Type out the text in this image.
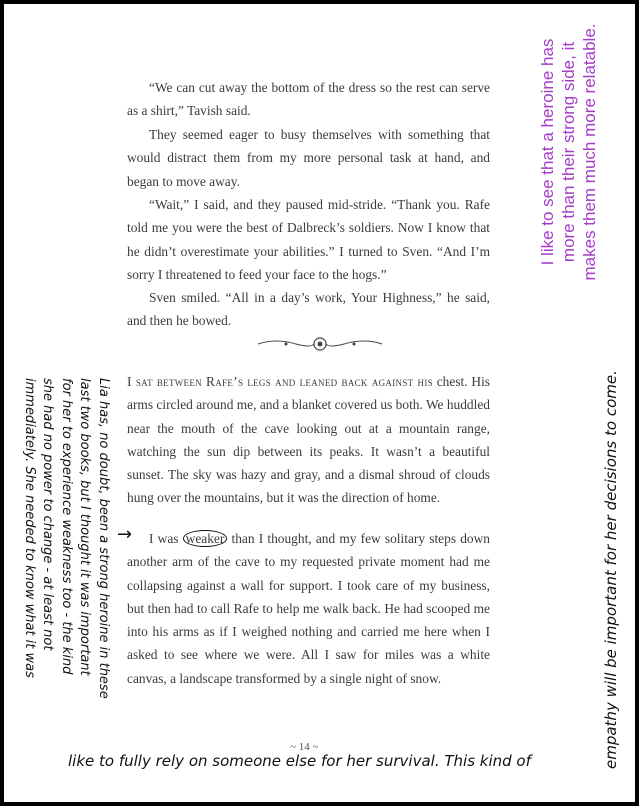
“We can cut away the bottom of the dress so the rest can serve as a shirt,” Tavish said.

They seemed eager to busy themselves with something that would distract them from my more personal task at hand, and began to move away.

“Wait,” I said, and they paused mid-stride. “Thank you. Rafe told me you were the best of Dalbreck’s soldiers. Now I know that he didn’t overestimate your abilities.” I turned to Sven. “And I’m sorry I threatened to feed your face to the hogs.”

Sven smiled. “All in a day’s work, Your Highness,” he said, and then he bowed.

I sat between Rafe’s legs and leaned back against his chest. His arms circled around me, and a blanket covered us both. We huddled near the mouth of the cave looking out at a mountain range, watching the sun dip between its peaks. It wasn’t a beautiful sunset. The sky was hazy and gray, and a dismal shroud of clouds hung over the mountains, but it was the direction of home.

I was weaker than I thought, and my few solitary steps down another arm of the cave to my requested private moment had me collapsing against a wall for support. I took care of my business, but then had to call Rafe to help me walk back. He had scooped me into his arms as if I weighed nothing and carried me here when I asked to see where we were. All I saw for miles was a white canvas, a landscape transformed by a single night of snow.

~ 14 ~
→
I like to see that a heroine has more than their strong side, it makes them much more relatable.
Lia has, no doubt, been a strong heroine in these
last two books, but I thought it was important
for her to experience weakness too - the kind
she had no power to change - at least not
immediately. She needed to know what it was
like to fully rely on someone else for her survival. This kind of	empathy will be important for her decisions to come.
